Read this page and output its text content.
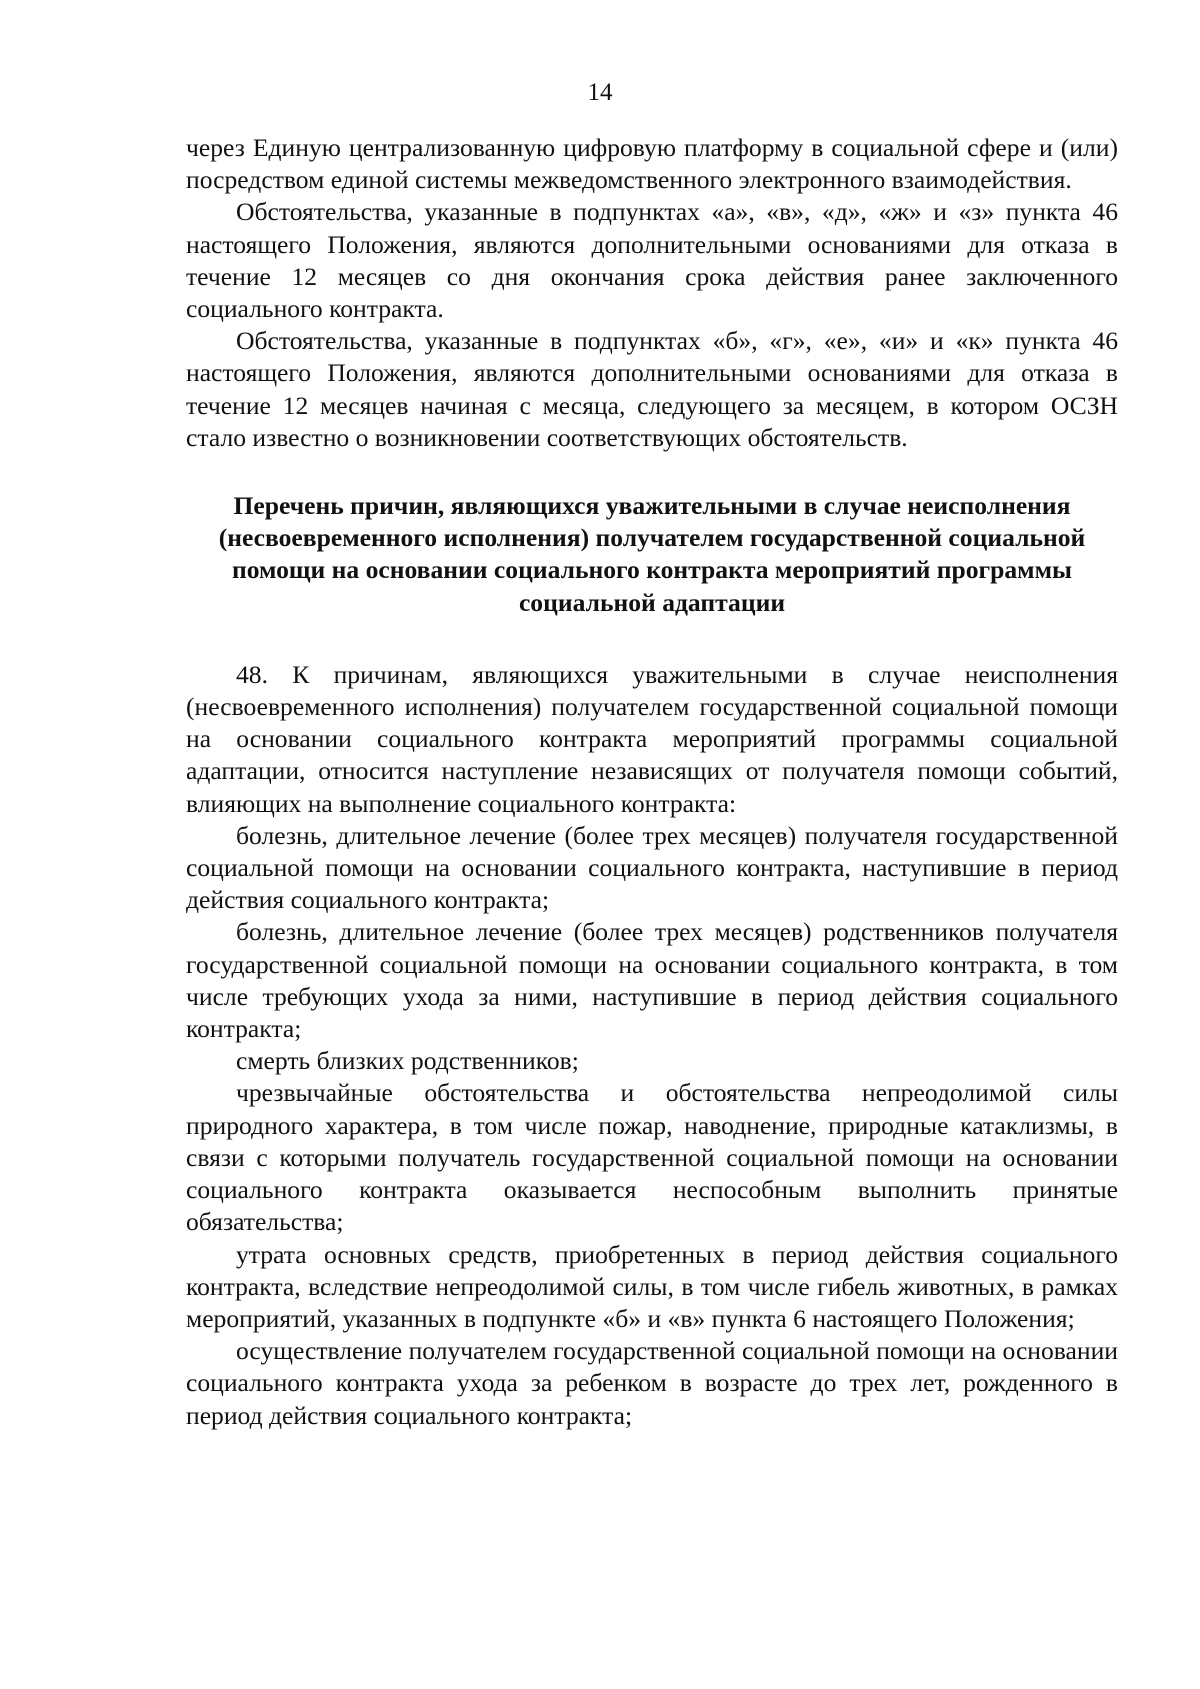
14

через Единую централизованную цифровую платформу в социальной сфере и (или) посредством единой системы межведомственного электронного взаимодействия.

Обстоятельства, указанные в подпунктах «а», «в», «д», «ж» и «з» пункта 46 настоящего Положения, являются дополнительными основаниями для отказа в течение 12 месяцев со дня окончания срока действия ранее заключенного социального контракта.

Обстоятельства, указанные в подпунктах «б», «г», «е», «и» и «к» пункта 46 настоящего Положения, являются дополнительными основаниями для отказа в течение 12 месяцев начиная с месяца, следующего за месяцем, в котором ОСЗН стало известно о возникновении соответствующих обстоятельств.

Перечень причин, являющихся уважительными в случае неисполнения (несвоевременного исполнения) получателем государственной социальной помощи на основании социального контракта мероприятий программы социальной адаптации

48. К причинам, являющихся уважительными в случае неисполнения (несвоевременного исполнения) получателем государственной социальной помощи на основании социального контракта мероприятий программы социальной адаптации, относится наступление независящих от получателя помощи событий, влияющих на выполнение социального контракта:

болезнь, длительное лечение (более трех месяцев) получателя государственной социальной помощи на основании социального контракта, наступившие в период действия социального контракта;

болезнь, длительное лечение (более трех месяцев) родственников получателя государственной социальной помощи на основании социального контракта, в том числе требующих ухода за ними, наступившие в период действия социального контракта;

смерть близких родственников;

чрезвычайные обстоятельства и обстоятельства непреодолимой силы природного характера, в том числе пожар, наводнение, природные катаклизмы, в связи с которыми получатель государственной социальной помощи на основании социального контракта оказывается неспособным выполнить принятые обязательства;

утрата основных средств, приобретенных в период действия социального контракта, вследствие непреодолимой силы, в том числе гибель животных, в рамках мероприятий, указанных в подпункте «б» и «в» пункта 6 настоящего Положения;

осуществление получателем государственной социальной помощи на основании социального контракта ухода за ребенком в возрасте до трех лет, рожденного в период действия социального контракта;
